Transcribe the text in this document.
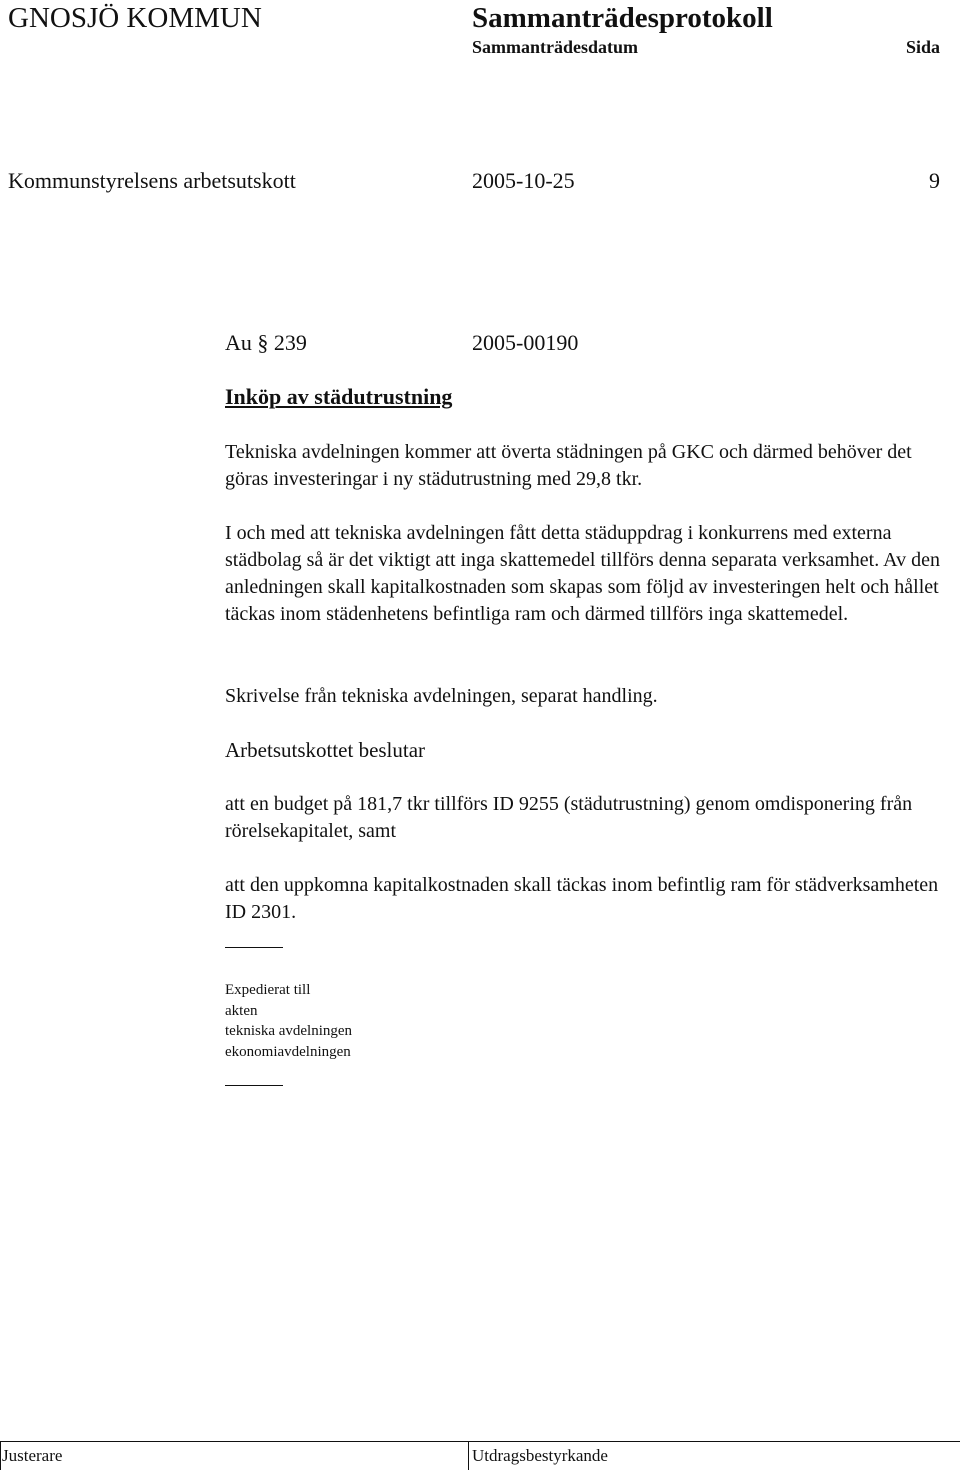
GNOSJÖ KOMMUN	Sammanträdesprotokoll
Sammanträdesdatum	Sida
Kommunstyrelsens arbetsutskott	2005-10-25	9
Au § 239	2005-00190
Inköp av städutrustning

Tekniska avdelningen kommer att överta städningen på GKC och därmed behöver det göras investeringar i ny städutrustning med 29,8 tkr.

I och med att tekniska avdelningen fått detta städuppdrag i konkurrens med externa städbolag så är det viktigt att inga skattemedel tillförs denna separata verksamhet. Av den anledningen skall kapitalkostnaden som skapas som följd av investeringen helt och hållet täckas inom städenhetens befintliga ram och därmed tillförs inga skattemedel.

Skrivelse från tekniska avdelningen, separat handling.

Arbetsutskottet beslutar

att en budget på 181,7 tkr tillförs ID 9255 (städutrustning) genom omdisponering från rörelsekapitalet, samt

att den uppkomna kapitalkostnaden skall täckas inom befintlig ram för städverksamheten ID 2301.

Expedierat till
akten
tekniska avdelningen
ekonomiavdelningen
Justerare	Utdragsbestyrkande
